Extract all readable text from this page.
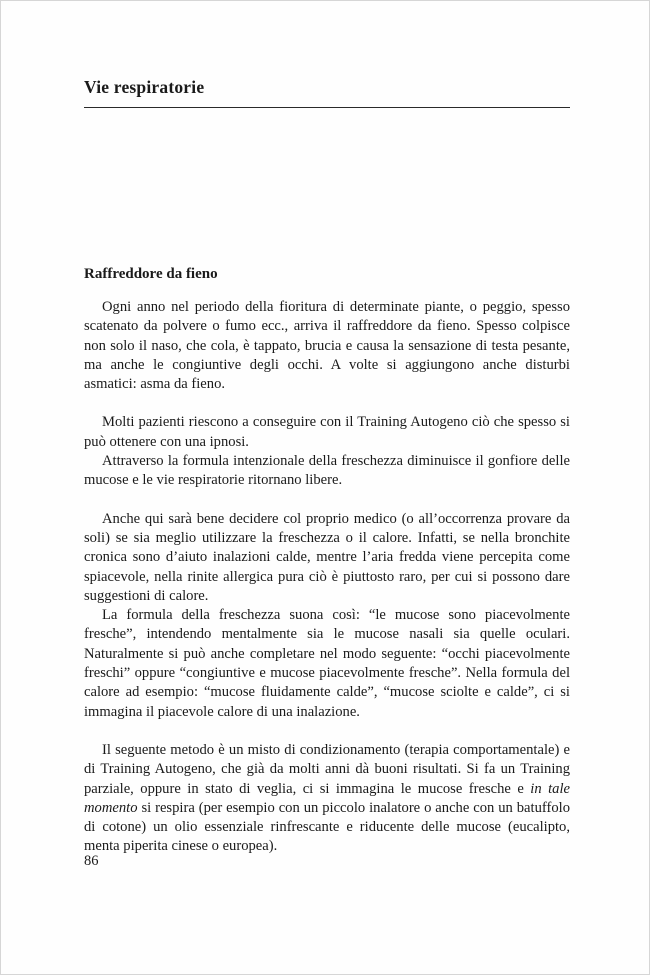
Vie respiratorie
Raffreddore da fieno

Ogni anno nel periodo della fioritura di determinate piante, o peggio, spesso scatenato da polvere o fumo ecc., arriva il raffreddore da fieno. Spesso colpisce non solo il naso, che cola, è tappato, brucia e causa la sensazione di testa pesante, ma anche le congiuntive degli occhi. A volte si aggiungono anche disturbi asmatici: asma da fieno.

Molti pazienti riescono a conseguire con il Training Autogeno ciò che spesso si può ottenere con una ipnosi.

Attraverso la formula intenzionale della freschezza diminuisce il gonfiore delle mucose e le vie respiratorie ritornano libere.

Anche qui sarà bene decidere col proprio medico (o all’occorrenza provare da soli) se sia meglio utilizzare la freschezza o il calore. Infatti, se nella bronchite cronica sono d’aiuto inalazioni calde, mentre l’aria fredda viene percepita come spiacevole, nella rinite allergica pura ciò è piuttosto raro, per cui si possono dare suggestioni di calore.

La formula della freschezza suona così: “le mucose sono piacevolmente fresche”, intendendo mentalmente sia le mucose nasali sia quelle oculari. Naturalmente si può anche completare nel modo seguente: “occhi piacevolmente freschi” oppure “congiuntive e mucose piacevolmente fresche”. Nella formula del calore ad esempio: “mucose fluidamente calde”, “mucose sciolte e calde”, ci si immagina il piacevole calore di una inalazione.

Il seguente metodo è un misto di condizionamento (terapia comportamentale) e di Training Autogeno, che già da molti anni dà buoni risultati. Si fa un Training parziale, oppure in stato di veglia, ci si immagina le mucose fresche e in tale momento si respira (per esempio con un piccolo inalatore o anche con un batuffolo di cotone) un olio essenziale rinfrescante e riducente delle mucose (eucalipto, menta piperita cinese o europea).

86
